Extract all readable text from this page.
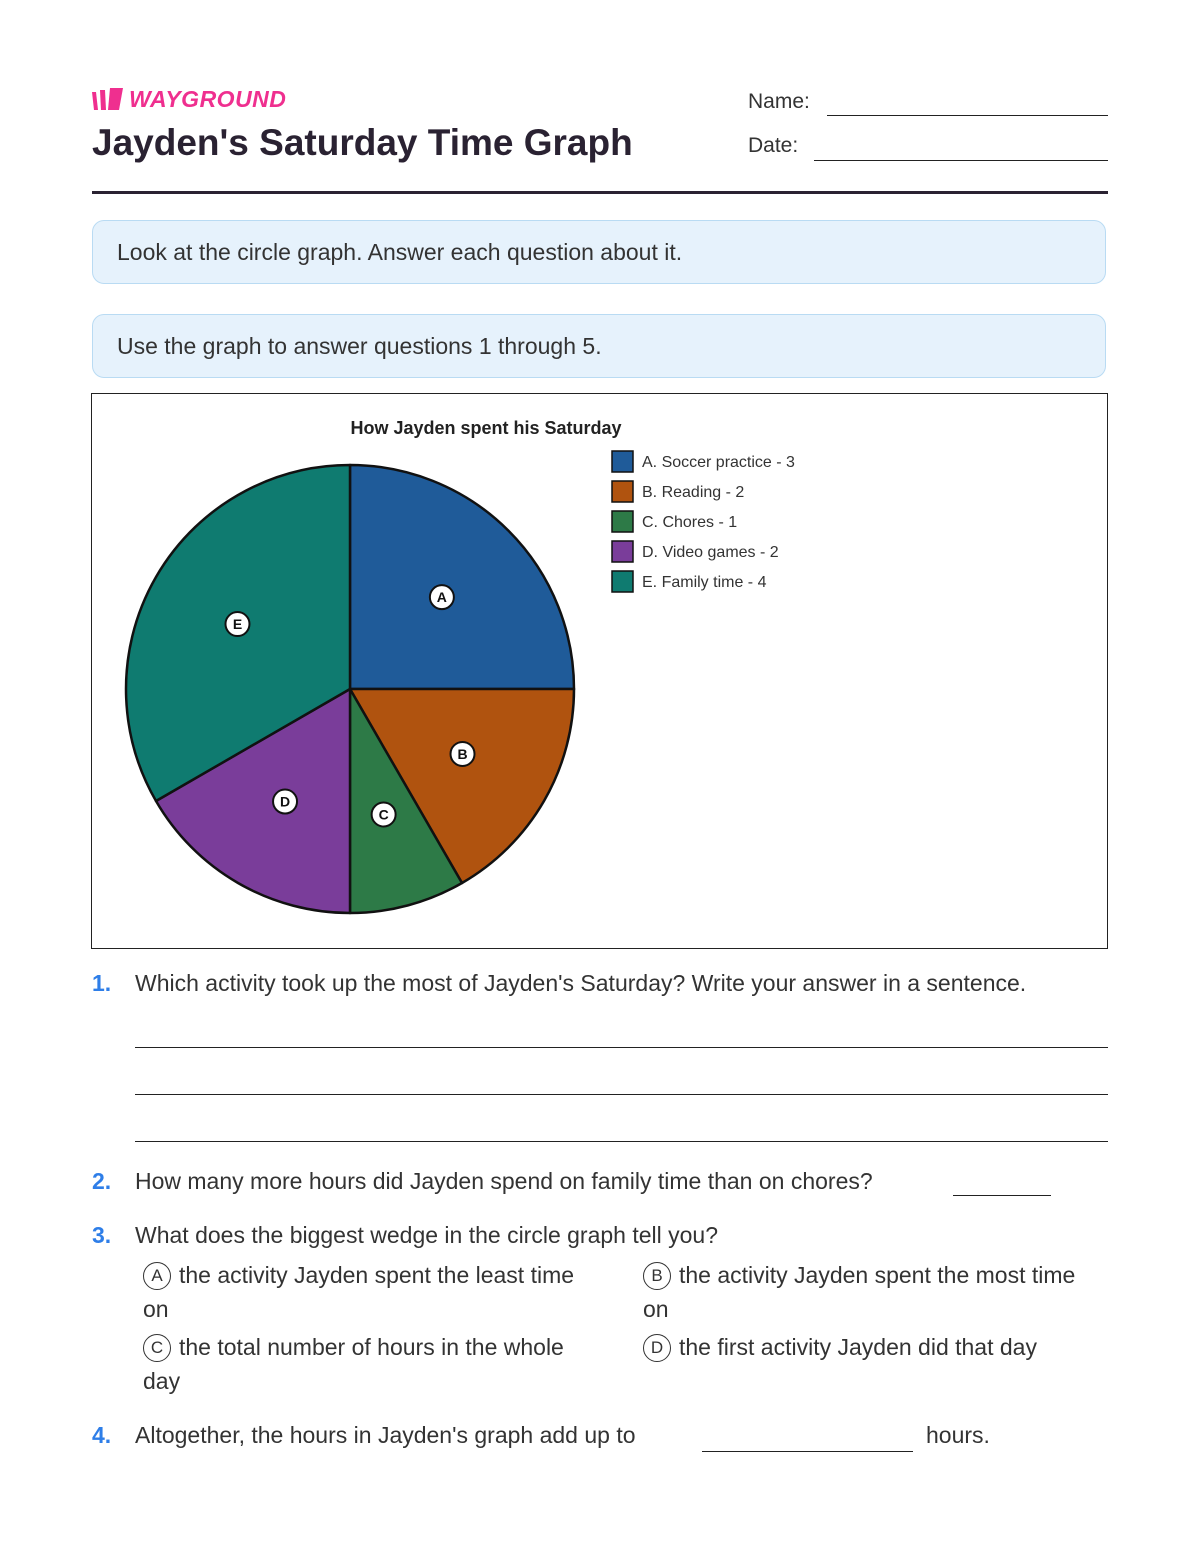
WAYGROUND
Jayden's Saturday Time Graph
Name:
Date:
Look at the circle graph. Answer each question about it.
Use the graph to answer questions 1 through 5.
How Jayden spent his Saturday
A
B
C
D
E
A. Soccer practice - 3
B. Reading - 2
C. Chores - 1
D. Video games - 2
E. Family time - 4
1. Which activity took up the most of Jayden's Saturday? Write your answer in a sentence.
2. How many more hours did Jayden spend on family time than on chores?
3. What does the biggest wedge in the circle graph tell you?
A the activity Jayden spent the least time on
B the activity Jayden spent the most time on
C the total number of hours in the whole day
D the first activity Jayden did that day
4. Altogether, the hours in Jayden's graph add up to	hours.
